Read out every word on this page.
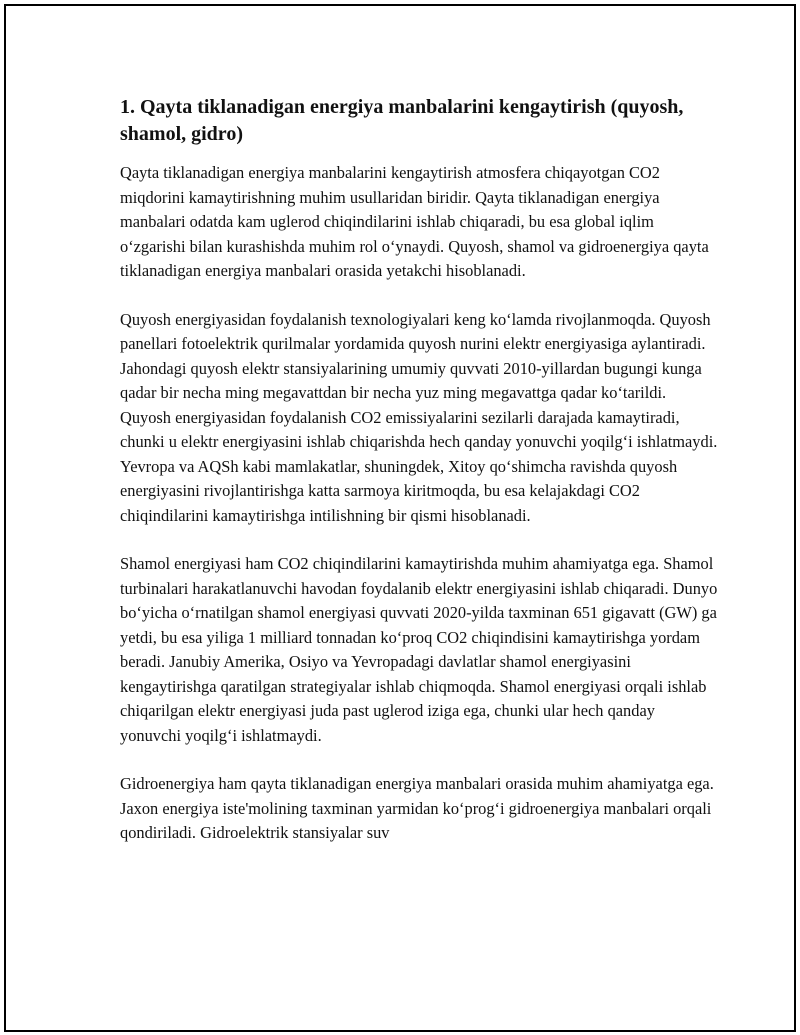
1. Qayta tiklanadigan energiya manbalarini kengaytirish (quyosh, shamol, gidro)

Qayta tiklanadigan energiya manbalarini kengaytirish atmosfera chiqayotgan CO2 miqdorini kamaytirishning muhim usullaridan biridir. Qayta tiklanadigan energiya manbalari odatda kam uglerod chiqindilarini ishlab chiqaradi, bu esa global iqlim o‘zgarishi bilan kurashishda muhim rol o‘ynaydi. Quyosh, shamol va gidroenergiya qayta tiklanadigan energiya manbalari orasida yetakchi hisoblanadi.

Quyosh energiyasidan foydalanish texnologiyalari keng ko‘lamda rivojlanmoqda. Quyosh panellari fotoelektrik qurilmalar yordamida quyosh nurini elektr energiyasiga aylantiradi. Jahondagi quyosh elektr stansiyalarining umumiy quvvati 2010-yillardan bugungi kunga qadar bir necha ming megavattdan bir necha yuz ming megavattga qadar ko‘tarildi. Quyosh energiyasidan foydalanish CO2 emissiyalarini sezilarli darajada kamaytiradi, chunki u elektr energiyasini ishlab chiqarishda hech qanday yonuvchi yoqilg‘i ishlatmaydi. Yevropa va AQSh kabi mamlakatlar, shuningdek, Xitoy qo‘shimcha ravishda quyosh energiyasini rivojlantirishga katta sarmoya kiritmoqda, bu esa kelajakdagi CO2 chiqindilarini kamaytirishga intilishning bir qismi hisoblanadi.

Shamol energiyasi ham CO2 chiqindilarini kamaytirishda muhim ahamiyatga ega. Shamol turbinalari harakatlanuvchi havodan foydalanib elektr energiyasini ishlab chiqaradi. Dunyo bo‘yicha o‘rnatilgan shamol energiyasi quvvati 2020-yilda taxminan 651 gigavatt (GW) ga yetdi, bu esa yiliga 1 milliard tonnadan ko‘proq CO2 chiqindisini kamaytirishga yordam beradi. Janubiy Amerika, Osiyo va Yevropadagi davlatlar shamol energiyasini kengaytirishga qaratilgan strategiyalar ishlab chiqmoqda. Shamol energiyasi orqali ishlab chiqarilgan elektr energiyasi juda past uglerod iziga ega, chunki ular hech qanday yonuvchi yoqilg‘i ishlatmaydi.

Gidroenergiya ham qayta tiklanadigan energiya manbalari orasida muhim ahamiyatga ega. Jaxon energiya iste'molining taxminan yarmidan ko‘prog‘i gidroenergiya manbalari orqali qondiriladi. Gidroelektrik stansiyalar suv
